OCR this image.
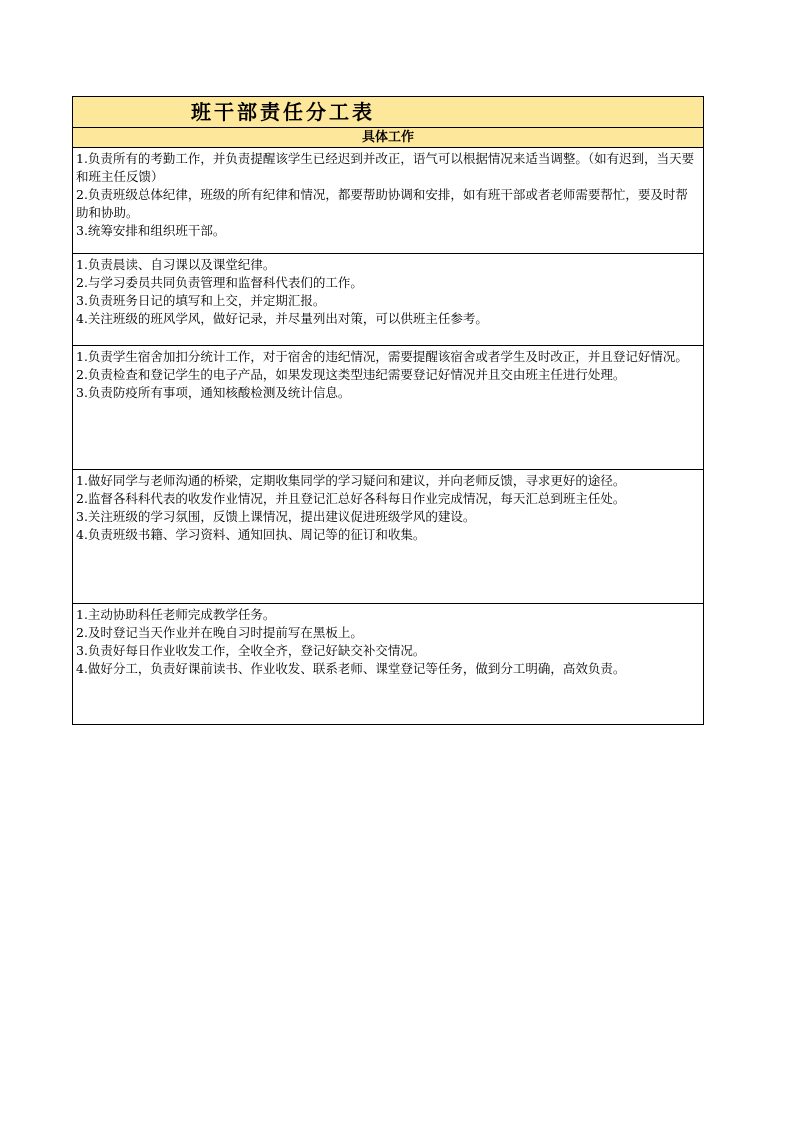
班干部责任分工表
具体工作
1.负责所有的考勤工作，并负责提醒该学生已经迟到并改正，语气可以根据情况来适当调整。（如有迟到，当天要和班主任反馈）
2.负责班级总体纪律，班级的所有纪律和情况，都要帮助协调和安排，如有班干部或者老师需要帮忙，要及时帮助和协助。
3.统筹安排和组织班干部。
1.负责晨读、自习课以及课堂纪律。
2.与学习委员共同负责管理和监督科代表们的工作。
3.负责班务日记的填写和上交，并定期汇报。
4.关注班级的班风学风，做好记录，并尽量列出对策，可以供班主任参考。
1.负责学生宿舍加扣分统计工作，对于宿舍的违纪情况，需要提醒该宿舍或者学生及时改正，并且登记好情况。
2.负责检查和登记学生的电子产品，如果发现这类型违纪需要登记好情况并且交由班主任进行处理。
3.负责防疫所有事项，通知核酸检测及统计信息。
1.做好同学与老师沟通的桥梁，定期收集同学的学习疑问和建议，并向老师反馈，寻求更好的途径。
2.监督各科科代表的收发作业情况，并且登记汇总好各科每日作业完成情况，每天汇总到班主任处。
3.关注班级的学习氛围，反馈上课情况，提出建议促进班级学风的建设。
4.负责班级书籍、学习资料、通知回执、周记等的征订和收集。
1.主动协助科任老师完成教学任务。
2.及时登记当天作业并在晚自习时提前写在黑板上。
3.负责好每日作业收发工作，全收全齐，登记好缺交补交情况。
4.做好分工，负责好课前读书、作业收发、联系老师、课堂登记等任务，做到分工明确，高效负责。
